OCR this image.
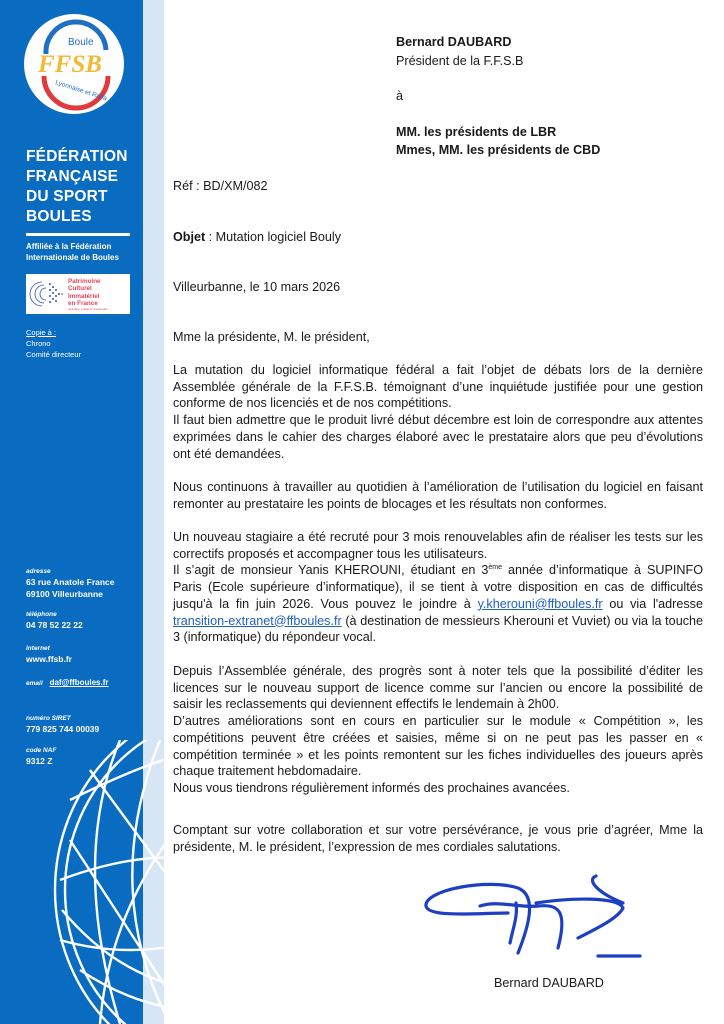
Boule
FFSB
Lyonnaise et Raffa
FÉDÉRATION
FRANÇAISE
DU SPORT
BOULES
Affiliée à la Fédération
Internationale de Boules
Patrimoine
Culturel
Immatériel
en France
connaître, pratiquer, transmettre
Copie à :
Chrono
Comité directeur
adresse
63 rue Anatole France
69100 Villeurbanne
téléphone
04 78 52 22 22
internet
www.ffsb.fr
email daf@ffboules.fr
numéro SIRET
779 825 744 00039
code NAF
9312 Z
Bernard DAUBARD
Président de la F.F.S.B
à
MM. les présidents de LBR
Mmes, MM. les présidents de CBD
Réf : BD/XM/082
Objet : Mutation logiciel Bouly
Villeurbanne, le 10 mars 2026
Mme la présidente, M. le président,

La mutation du logiciel informatique fédéral a fait l’objet de débats lors de la dernière Assemblée générale de la F.F.S.B. témoignant d’une inquiétude justifiée pour une gestion conforme de nos licenciés et de nos compétitions.

Il faut bien admettre que le produit livré début décembre est loin de correspondre aux attentes exprimées dans le cahier des charges élaboré avec le prestataire alors que peu d’évolutions ont été demandées.

Nous continuons à travailler au quotidien à l’amélioration de l’utilisation du logiciel en faisant remonter au prestataire les points de blocages et les résultats non conformes.

Un nouveau stagiaire a été recruté pour 3 mois renouvelables afin de réaliser les tests sur les correctifs proposés et accompagner tous les utilisateurs.

Il s’agit de monsieur Yanis KHEROUNI, étudiant en 3ème année d’informatique à SUPINFO Paris (Ecole supérieure d’informatique), il se tient à votre disposition en cas de difficultés jusqu'à la fin juin 2026. Vous pouvez le joindre à y.kherouni@ffboules.fr ou via l'adresse transition-extranet@ffboules.fr (à destination de messieurs Kherouni et Vuviet) ou via la touche 3 (informatique) du répondeur vocal.

Depuis l’Assemblée générale, des progrès sont à noter tels que la possibilité d’éditer les licences sur le nouveau support de licence comme sur l’ancien ou encore la possibilité de saisir les reclassements qui deviennent effectifs le lendemain à 2h00.

D’autres améliorations sont en cours en particulier sur le module « Compétition », les compétitions peuvent être créées et saisies, même si on ne peut pas les passer en « compétition terminée » et les points remontent sur les fiches individuelles des joueurs après chaque traitement hebdomadaire.

Nous vous tiendrons régulièrement informés des prochaines avancées.

Comptant sur votre collaboration et sur votre persévérance, je vous prie d’agréer, Mme la présidente, M. le président, l’expression de mes cordiales salutations.

Bernard DAUBARD
